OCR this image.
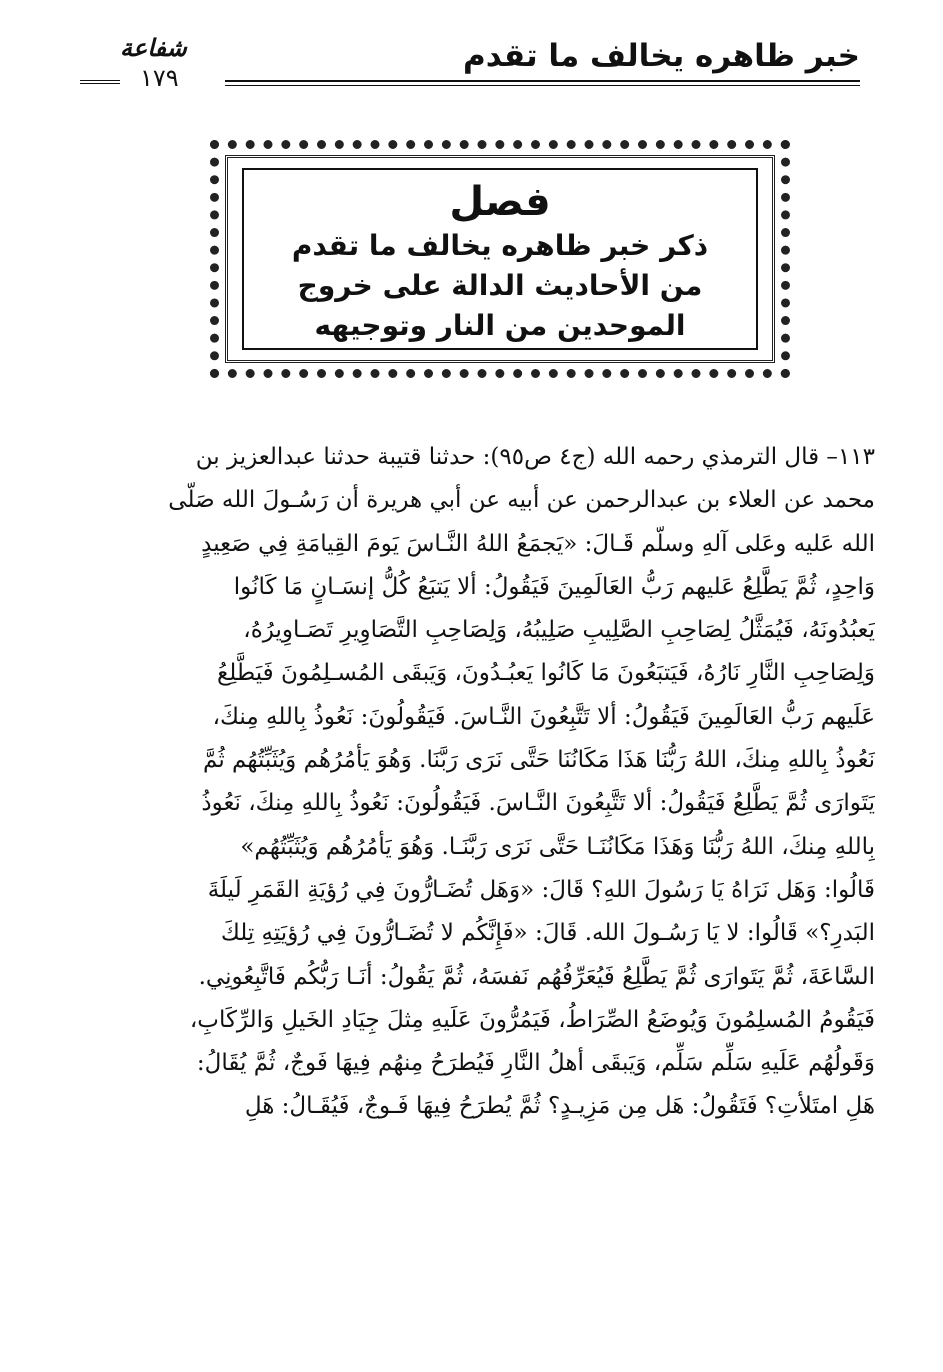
خبر ظاهره يخالف ما تقدم
شفاعة
١٧٩
فصل
ذكر خبر ظاهره يخالف ما تقدم
من الأحاديث الدالة على خروج
الموحدين من النار وتوجيهه
١١٣– قال الترمذي رحمه الله (ج٤ ص٩٥): حدثنا قتيبة حدثنا عبدالعزيز بن
محمد عن العلاء بن عبدالرحمن عن أبيه عن أبي هريرة أن رَسُـولَ الله صَلّى
الله عَليه وعَلى آلهِ وسلّم قَـالَ: «يَجمَعُ اللهُ النَّـاسَ يَومَ القِيامَةِ فِي صَعِيدٍ
وَاحِدٍ، ثُمَّ يَطَّلِعُ عَليهم رَبُّ العَالَمِينَ فَيَقُولُ: ألا يَتبَعُ كُلُّ إنسَـانٍ مَا كَانُوا
يَعبُدُونَهُ، فَيُمَثَّلُ لِصَاحِبِ الصَّلِيبِ صَلِيبُهُ، وَلِصَاحِبِ التَّصَاوِيرِ تَصَـاوِيرُهُ،
وَلِصَاحِبِ النَّارِ نَارُهُ، فَيَتبَعُونَ مَا كَانُوا يَعبُـدُونَ، وَيَبقَى المُسـلِمُونَ فَيَطَّلِعُ
عَلَيهم رَبُّ العَالَمِينَ فَيَقُولُ: ألا تَتَّبِعُونَ النَّـاسَ. فَيَقُولُونَ: نَعُوذُ بِاللهِ مِنكَ،
نَعُوذُ بِاللهِ مِنكَ، اللهُ رَبُّنَا هَذَا مَكَانُنَا حَتَّى نَرَى رَبَّنَا. وَهُوَ يَأمُرُهُم وَيُثَبِّتُهُم ثُمَّ
يَتَوارَى ثُمَّ يَطَّلِعُ فَيَقُولُ: ألا تَتَّبِعُونَ النَّـاسَ. فَيَقُولُونَ: نَعُوذُ بِاللهِ مِنكَ، نَعُوذُ
بِاللهِ مِنكَ، اللهُ رَبُّنَا وَهَذَا مَكَانُنَـا حَتَّى نَرَى رَبَّنَـا. وَهُوَ يَأمُرُهُم وَيُثَبِّتُهُم»
قَالُوا: وَهَل نَرَاهُ يَا رَسُولَ اللهِ؟ قَالَ: «وَهَل تُضَـارُّونَ فِي رُؤيَةِ القَمَرِ لَيلَةَ
البَدرِ؟» قَالُوا: لا يَا رَسُـولَ الله. قَالَ: «فَإِنَّكُم لا تُضَـارُّونَ فِي رُؤيَتِهِ تِلكَ
السَّاعَةَ، ثُمَّ يَتَوارَى ثُمَّ يَطَّلِعُ فَيُعَرِّفُهُم نَفسَهُ، ثُمَّ يَقُولُ: أنَـا رَبُّكُم فَاتَّبِعُونِي.
فَيَقُومُ المُسلِمُونَ وَيُوضَعُ الصِّرَاطُ، فَيَمُرُّونَ عَلَيهِ مِثلَ جِيَادِ الخَيلِ وَالرِّكَابِ،
وَقَولُهُم عَلَيهِ سَلِّم سَلِّم، وَيَبقَى أهلُ النَّارِ فَيُطرَحُ مِنهُم فِيهَا فَوجٌ، ثُمَّ يُقَالُ:
هَلِ امتَلأتِ؟ فَتَقُولُ: هَل مِن مَزِيـدٍ؟ ثُمَّ يُطرَحُ فِيهَا فَـوجٌ، فَيُقَـالُ: هَلِ
